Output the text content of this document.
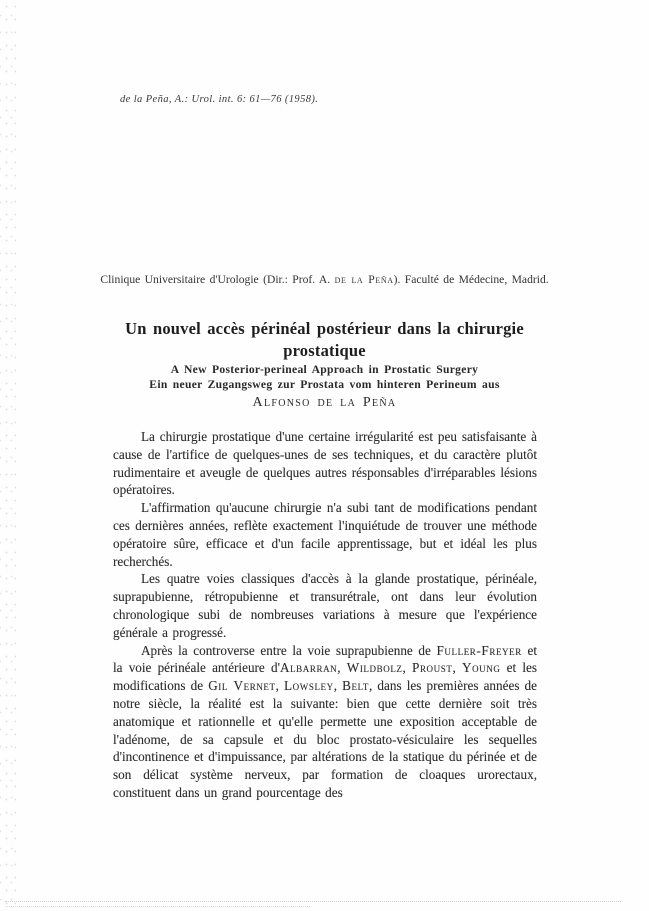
de la Peña, A.: Urol. int. 6: 61—76 (1958).
Clinique Universitaire d'Urologie (Dir.: Prof. A. de la Peña). Faculté de Médecine, Madrid.
Un nouvel accès périnéal postérieur dans la chirurgie prostatique
A New Posterior-perineal Approach in Prostatic Surgery
Ein neuer Zugangsweg zur Prostata vom hinteren Perineum aus
Alfonso de la Peña

La chirurgie prostatique d'une certaine irrégularité est peu satisfaisante à cause de l'artifice de quelques-unes de ses techniques, et du caractère plutôt rudimentaire et aveugle de quelques autres résponsables d'irréparables lésions opératoires.

L'affirmation qu'aucune chirurgie n'a subi tant de modifications pendant ces dernières années, reflète exactement l'inquiétude de trouver une méthode opératoire sûre, efficace et d'un facile apprentissage, but et idéal les plus recherchés.

Les quatre voies classiques d'accès à la glande prostatique, périnéale, suprapubienne, rétropubienne et transurétrale, ont dans leur évolution chronologique subi de nombreuses variations à mesure que l'expérience générale a progressé.

Après la controverse entre la voie suprapubienne de Fuller-Freyer et la voie périnéale antérieure d'Albarran, Wildbolz, Proust, Young et les modifications de Gil Vernet, Lowsley, Belt, dans les premières années de notre siècle, la réalité est la suivante: bien que cette dernière soit très anatomique et rationnelle et qu'elle permette une exposition acceptable de l'adénome, de sa capsule et du bloc prostato-vésiculaire les sequelles d'incontinence et d'impuissance, par altérations de la statique du périnée et de son délicat système nerveux, par formation de cloaques urorectaux, constituent dans un grand pourcentage des
